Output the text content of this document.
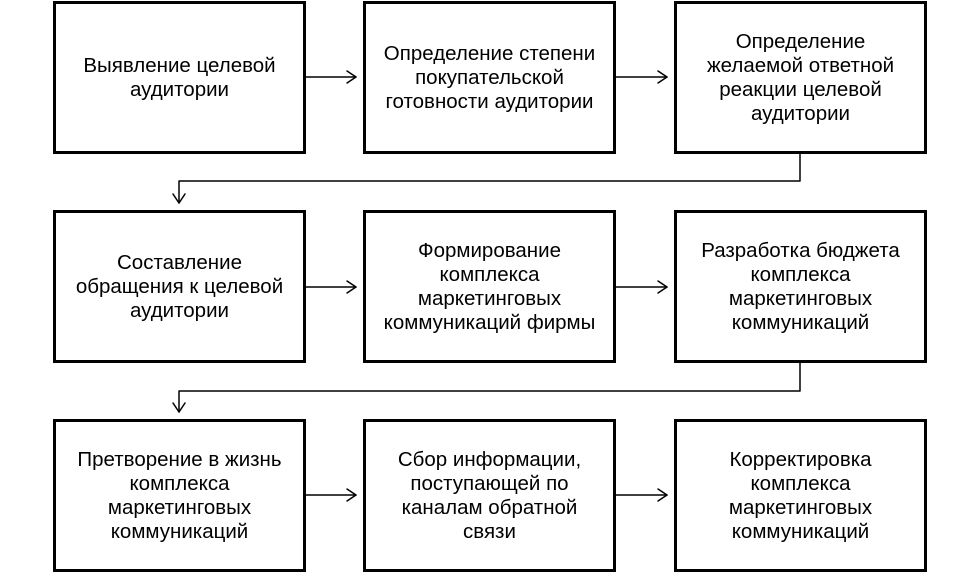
Выявление целевой
аудитории
Определение степени
покупательской
готовности аудитории
Определение
желаемой ответной
реакции целевой
аудитории
Составление
обращения к целевой
аудитории
Формирование
комплекса
маркетинговых
коммуникаций фирмы
Разработка бюджета
комплекса
маркетинговых
коммуникаций
Претворение в жизнь
комплекса
маркетинговых
коммуникаций
Сбор информации,
поступающей по
каналам обратной
связи
Корректировка
комплекса
маркетинговых
коммуникаций
